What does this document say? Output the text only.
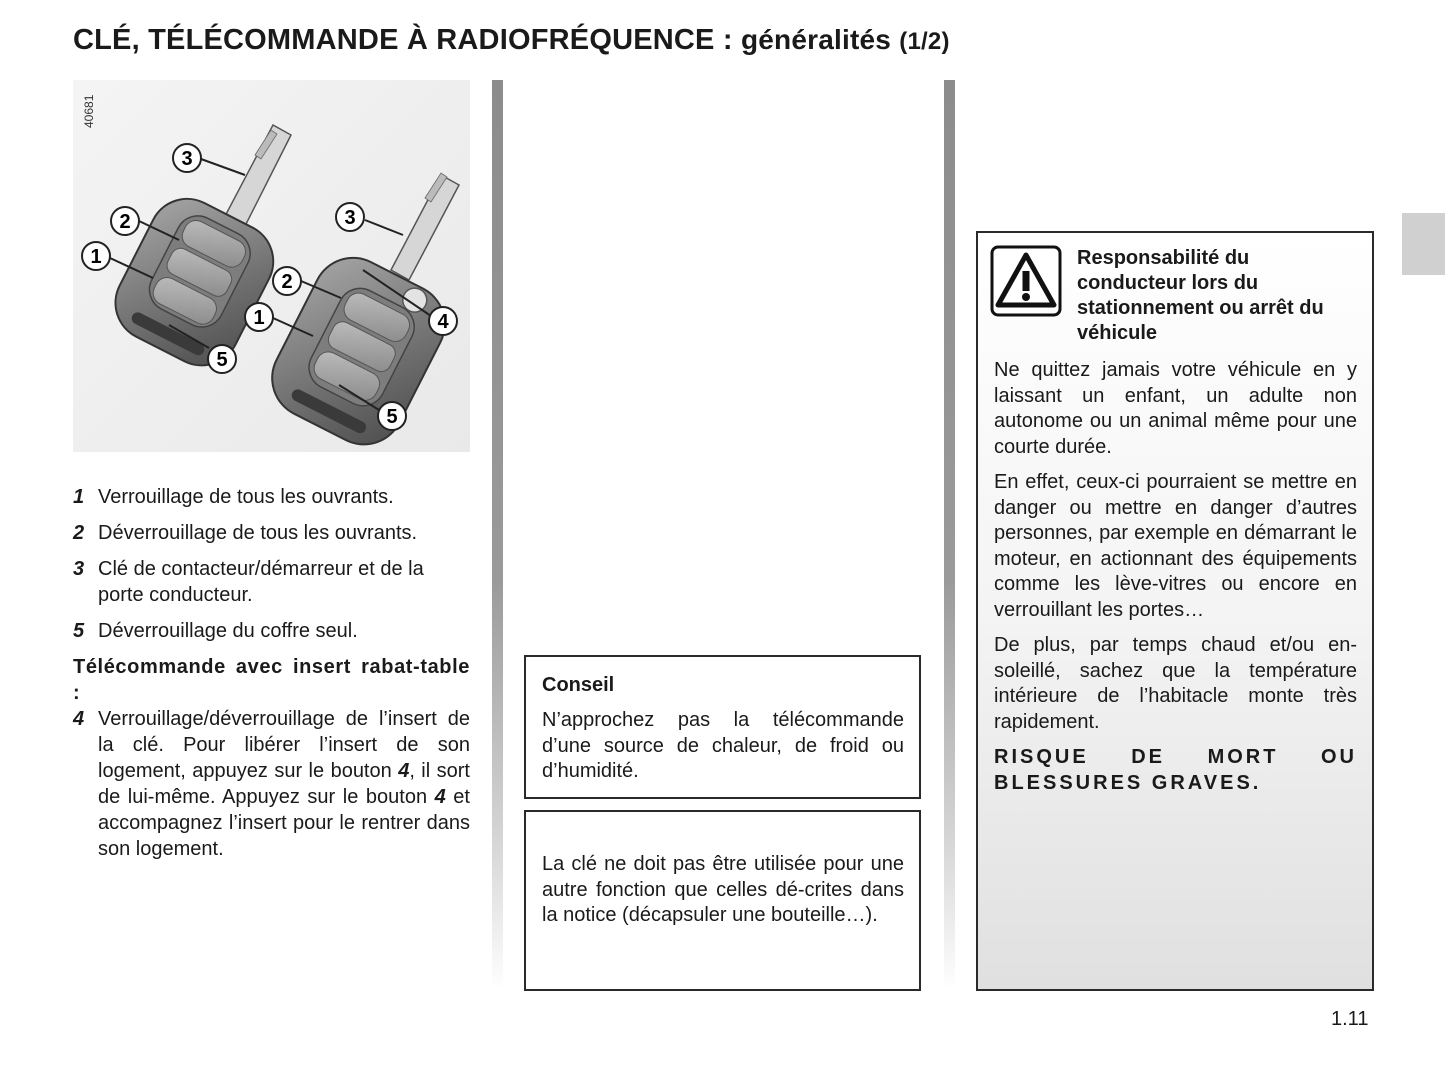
CLÉ, TÉLÉCOMMANDE À RADIOFRÉQUENCE : généralités (1/2)
40681
3
2
1
5
3
2
1	4
5
1 Verrouillage de tous les ouvrants.
2 Déverrouillage de tous les ouvrants.
3 Clé de contacteur/démarreur et de la porte conducteur.
5 Déverrouillage du coffre seul.
Télécommande avec insert rabat-table :
4 Verrouillage/déverrouillage de l’insert de la clé. Pour libérer l’insert de son logement, appuyez sur le bouton 4, il sort de lui-même. Appuyez sur le bouton 4 et accompagnez l’insert pour le rentrer dans son logement.
Conseil

N’approchez pas la télécommande d’une source de chaleur, de froid ou d’humidité.

La clé ne doit pas être utilisée pour une autre fonction que celles dé-crites dans la notice (décapsuler une bouteille…).

Responsabilité du conducteur lors du stationnement ou arrêt du véhicule

Ne quittez jamais votre véhicule en y laissant un enfant, un adulte non autonome ou un animal même pour une courte durée.

En effet, ceux-ci pourraient se mettre en danger ou mettre en danger d’autres personnes, par exemple en démarrant le moteur, en actionnant des équipements comme les lève-vitres ou encore en verrouillant les portes…

De plus, par temps chaud et/ou en-soleillé, sachez que la température intérieure de l’habitacle monte très rapidement.

RISQUE DE MORT OU BLESSURES GRAVES.

1.11
